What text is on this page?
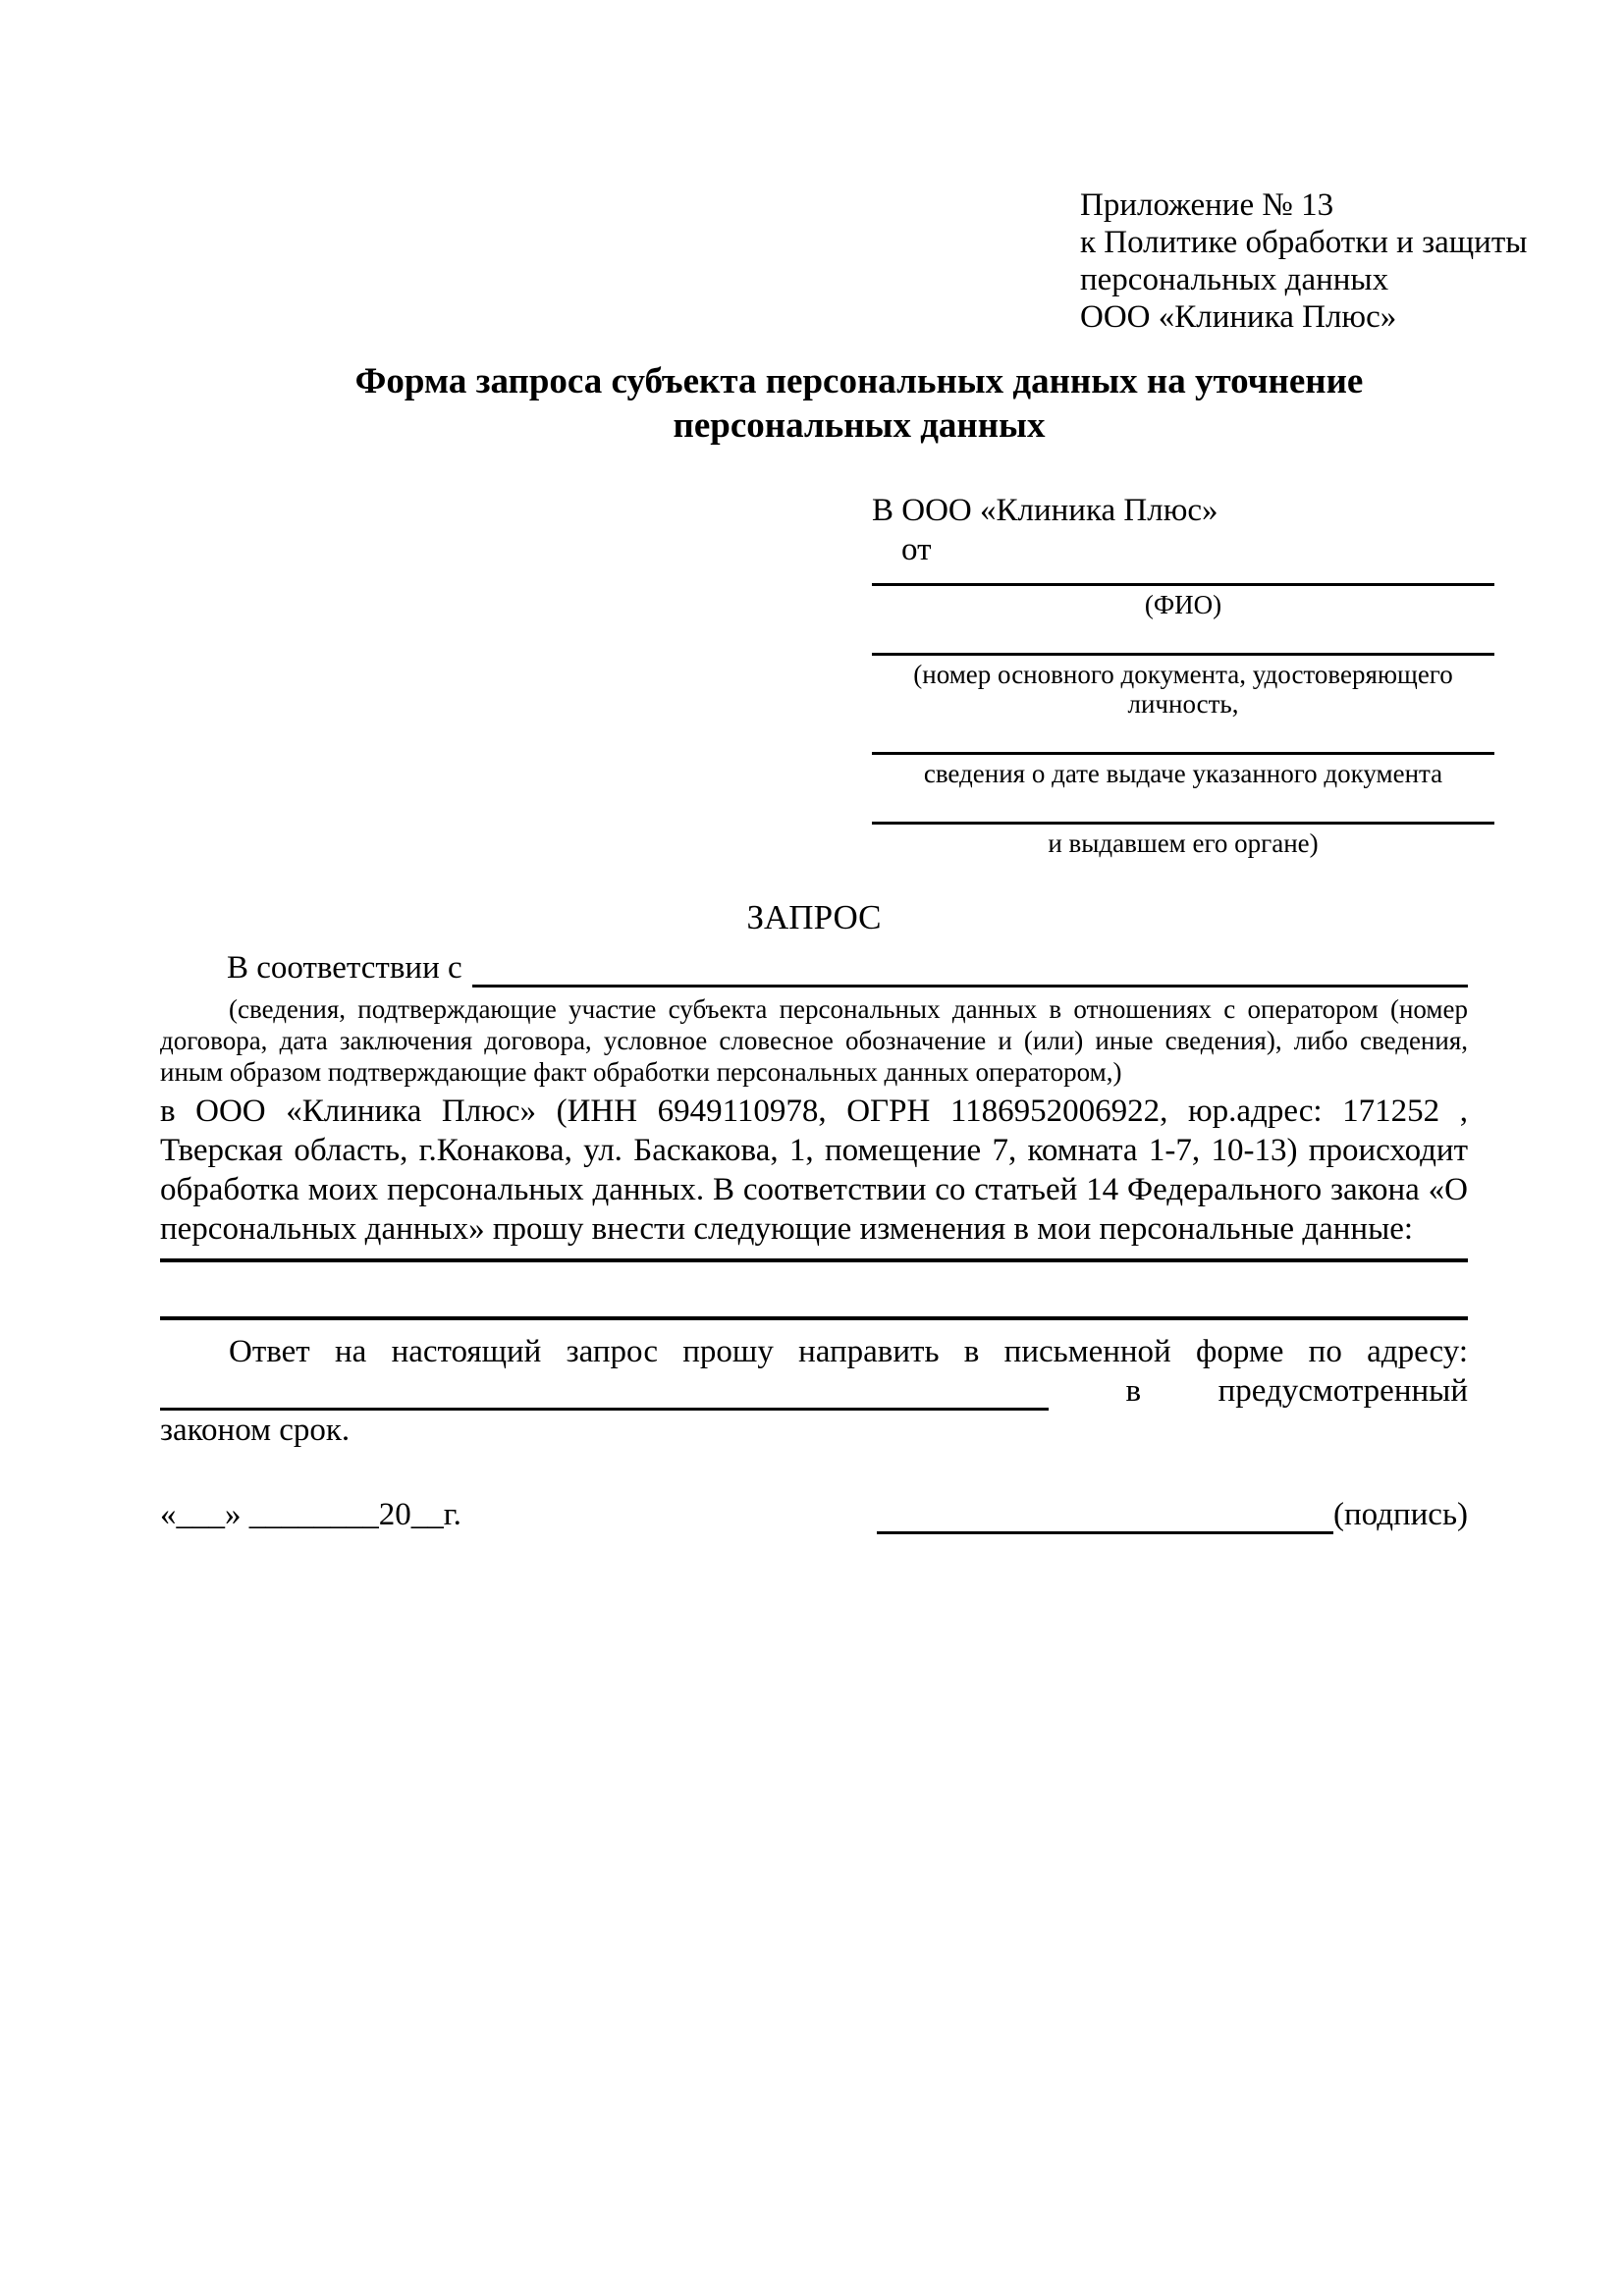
Приложение № 13
к Политике обработки и защиты
персональных данных
ООО «Клиника Плюс»
Форма запроса субъекта персональных данных на уточнение персональных данных
В ООО «Клиника Плюс»
от
(ФИО)
(номер основного документа, удостоверяющего личность,
сведения о дате выдаче указанного документа
и выдавшем его органе)
ЗАПРОС
В соответствии с
(сведения, подтверждающие участие субъекта персональных данных в отношениях с оператором (номер договора, дата заключения договора, условное словесное обозначение и (или) иные сведения), либо сведения, иным образом подтверждающие факт обработки персональных данных оператором,)
в ООО «Клиника Плюс» (ИНН 6949110978, ОГРН 1186952006922, юр.адрес: 171252 , Тверская область, г.Конакова, ул. Баскакова, 1, помещение 7, комната 1-7, 10-13) происходит обработка моих персональных данных. В соответствии со статьей 14 Федерального закона «О персональных данных» прошу внести следующие изменения в мои персональные данные:
Ответ на настоящий запрос прошу направить в письменной форме по адресу:
в предусмотренный
законом срок.
«___» ________20__г.	(подпись)
